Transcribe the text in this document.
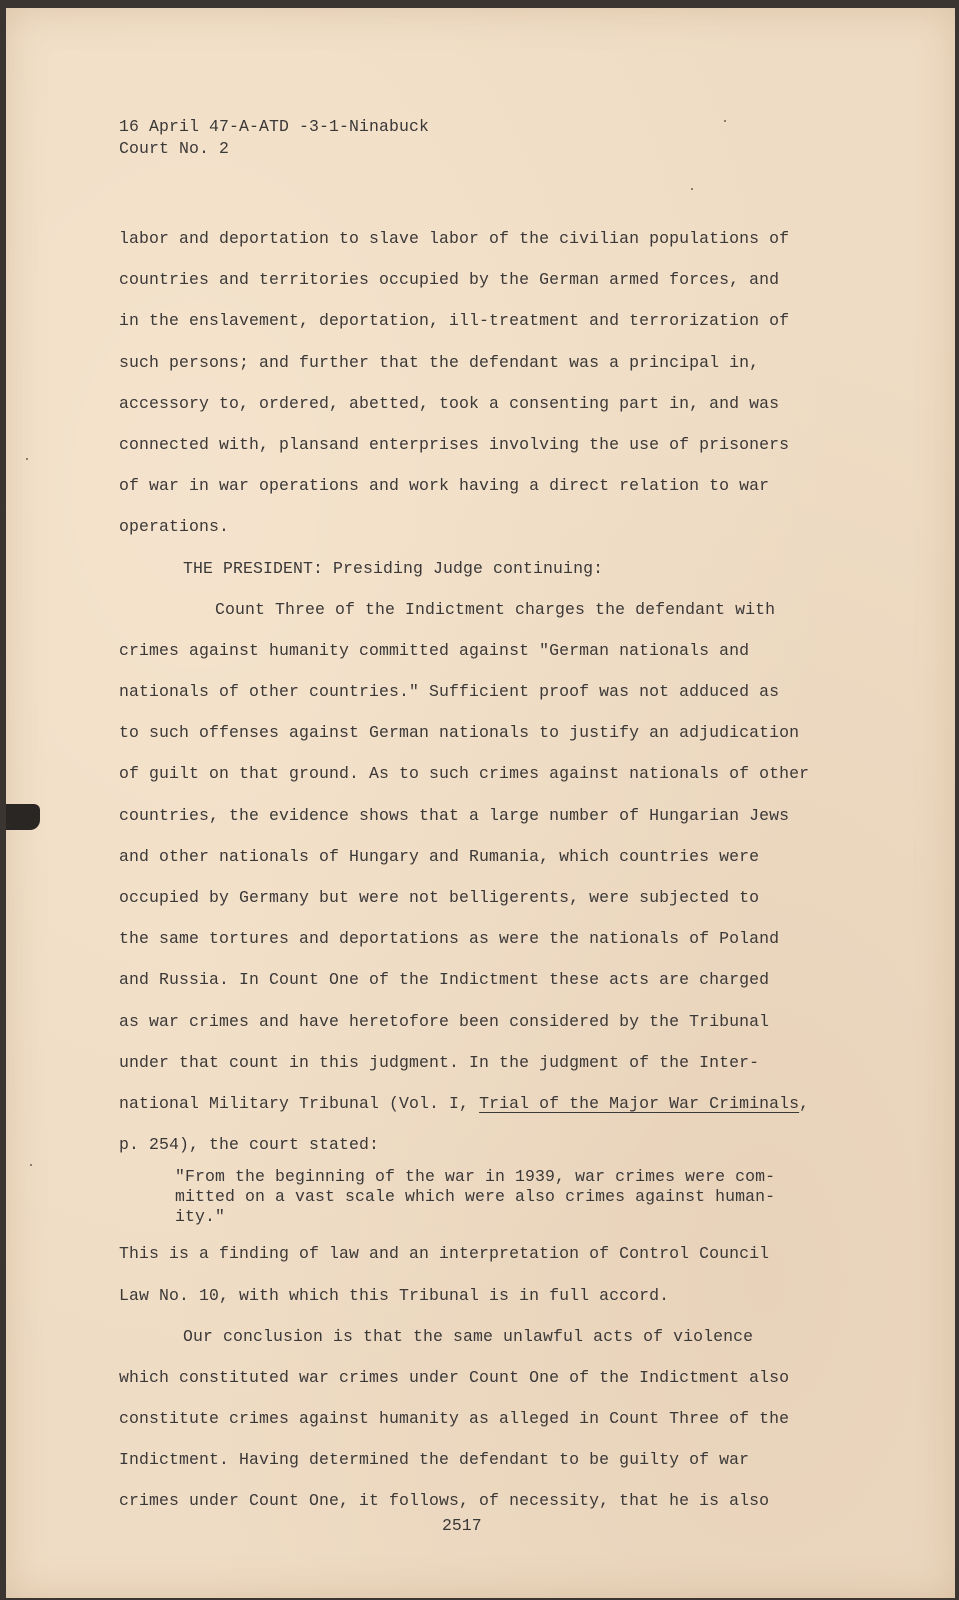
16 April 47-A-ATD -3-1-Ninabuck
Court No. 2
labor and deportation to slave labor of the civilian populations of
countries and territories occupied by the German armed forces, and
in the enslavement, deportation, ill-treatment and terrorization of
such persons; and further that the defendant was a principal in,
accessory to, ordered, abetted, took a consenting part in, and was
connected with, plansand enterprises involving the use of prisoners
of war in war operations and work having a direct relation to war
operations.
THE PRESIDENT: Presiding Judge continuing:
Count Three of the Indictment charges the defendant with
crimes against humanity committed against "German nationals and
nationals of other countries." Sufficient proof was not adduced as
to such offenses against German nationals to justify an adjudication
of guilt on that ground. As to such crimes against nationals of other
countries, the evidence shows that a large number of Hungarian Jews
and other nationals of Hungary and Rumania, which countries were
occupied by Germany but were not belligerents, were subjected to
the same tortures and deportations as were the nationals of Poland
and Russia. In Count One of the Indictment these acts are charged
as war crimes and have heretofore been considered by the Tribunal
under that count in this judgment. In the judgment of the Inter-
national Military Tribunal (Vol. I, Trial of the Major War Criminals,
p. 254), the court stated:
"From the beginning of the war in 1939, war crimes were com-
mitted on a vast scale which were also crimes against human-
ity."
This is a finding of law and an interpretation of Control Council
Law No. 10, with which this Tribunal is in full accord.
Our conclusion is that the same unlawful acts of violence
which constituted war crimes under Count One of the Indictment also
constitute crimes against humanity as alleged in Count Three of the
Indictment. Having determined the defendant to be guilty of war
crimes under Count One, it follows, of necessity, that he is also
2517
